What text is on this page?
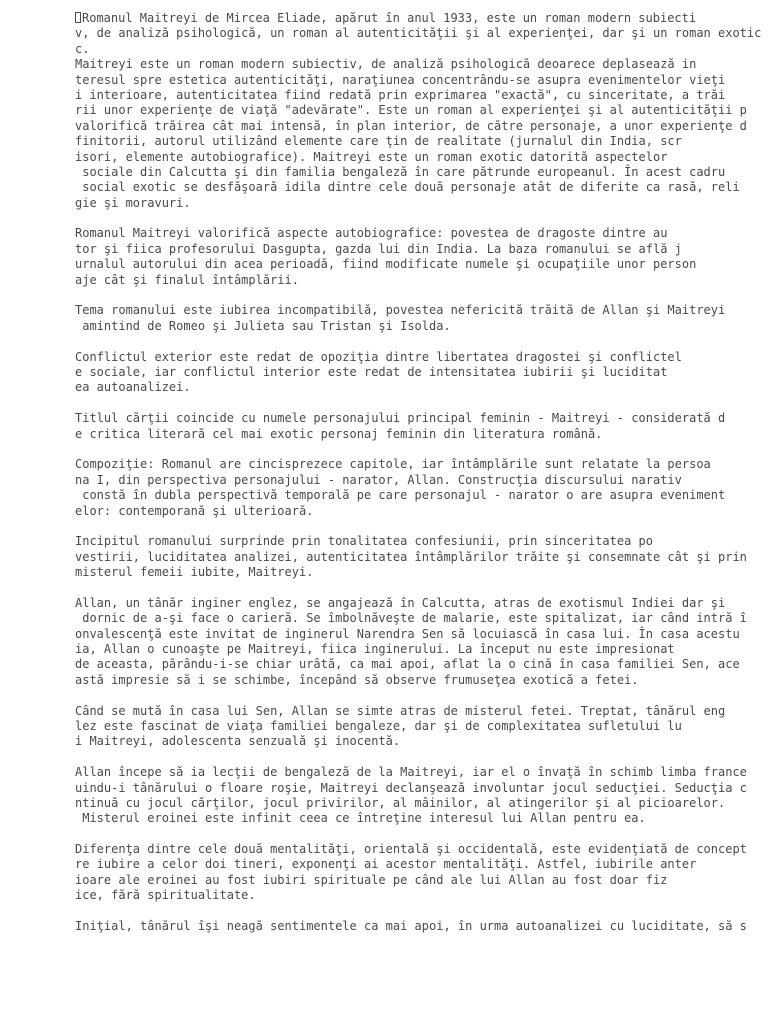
Romanul Maitreyi de Mircea Eliade, apărut în anul 1933, este un roman modern subiecti
v, de analiză psihologică, un roman al autenticităţii şi al experienţei, dar şi un roman exotic
c.
Maitreyi este un roman modern subiectiv, de analiză psihologică deoarece deplasează in
teresul spre estetica autenticităţi, naraţiunea concentrându-se asupra evenimentelor vieţi
i interioare, autenticitatea fiind redată prin exprimarea "exactă", cu sinceritate, a trăi
rii unor experienţe de viaţă "adevărate". Este un roman al experienţei şi al autenticităţii p
valorifică trăirea cât mai intensă, în plan interior, de către personaje, a unor experienţe d
finitorii, autorul utilizând elemente care ţin de realitate (jurnalul din India, scr
isori, elemente autobiografice). Maitreyi este un roman exotic datorită aspectelor
sociale din Calcutta şi din familia bengaleză în care pătrunde europeanul. În acest cadru
social exotic se desfăşoară idila dintre cele două personaje atât de diferite ca rasă, reli
gie şi moravuri.
Romanul Maitreyi valorifică aspecte autobiografice: povestea de dragoste dintre au
tor şi fiica profesorului Dasgupta, gazda lui din India. La baza romanului se află j
urnalul autorului din acea perioadă, fiind modificate numele şi ocupaţiile unor person
aje cât şi finalul întâmplării.
Tema romanului este iubirea incompatibilă, povestea nefericită trăită de Allan şi Maitreyi
amintind de Romeo şi Julieta sau Tristan şi Isolda.
Conflictul exterior este redat de opoziţia dintre libertatea dragostei şi conflictel
e sociale, iar conflictul interior este redat de intensitatea iubirii şi luciditat
ea autoanalizei.
Titlul cărţii coincide cu numele personajului principal feminin - Maitreyi - considerată d
e critica literară cel mai exotic personaj feminin din literatura română.
Compoziţie: Romanul are cincisprezece capitole, iar întâmplările sunt relatate la persoa
na I, din perspectiva personajului - narator, Allan. Construcţia discursului narativ
constă în dubla perspectivă temporală pe care personajul - narator o are asupra eveniment
elor: contemporană şi ulterioară.
Incipitul romanului surprinde prin tonalitatea confesiunii, prin sinceritatea po
vestirii, luciditatea analizei, autenticitatea întâmplărilor trăite şi consemnate cât şi prin
misterul femeii iubite, Maitreyi.
Allan, un tânăr inginer englez, se angajează în Calcutta, atras de exotismul Indiei dar şi
dornic de a-şi face o carieră. Se îmbolnăveşte de malarie, este spitalizat, iar când intră î
onvalescenţă este invitat de inginerul Narendra Sen să locuiască în casa lui. În casa acestu
ia, Allan o cunoaşte pe Maitreyi, fiica inginerului. La început nu este impresionat
de aceasta, părându-i-se chiar urâtă, ca mai apoi, aflat la o cină în casa familiei Sen, ace
astă impresie să i se schimbe, începând să observe frumuseţea exotică a fetei.
Când se mută în casa lui Sen, Allan se simte atras de misterul fetei. Treptat, tânărul eng
lez este fascinat de viaţa familiei bengaleze, dar şi de complexitatea sufletului lu
i Maitreyi, adolescenta senzuală şi inocentă.
Allan începe să ia lecţii de bengaleză de la Maitreyi, iar el o învaţă în schimb limba france
uindu-i tânărului o floare roşie, Maitreyi declanşează involuntar jocul seducţiei. Seducţia c
ntinuă cu jocul cărţilor, jocul privirilor, al mâinilor, al atingerilor şi al picioarelor.
Misterul eroinei este infinit ceea ce întreţine interesul lui Allan pentru ea.
Diferenţa dintre cele două mentalităţi, orientală şi occidentală, este evidenţiată de concept
re iubire a celor doi tineri, exponenţi ai acestor mentalităţi. Astfel, iubirile anter
ioare ale eroinei au fost iubiri spirituale pe când ale lui Allan au fost doar fiz
ice, fără spiritualitate.
Iniţial, tânărul îşi neagă sentimentele ca mai apoi, în urma autoanalizei cu luciditate, să s
